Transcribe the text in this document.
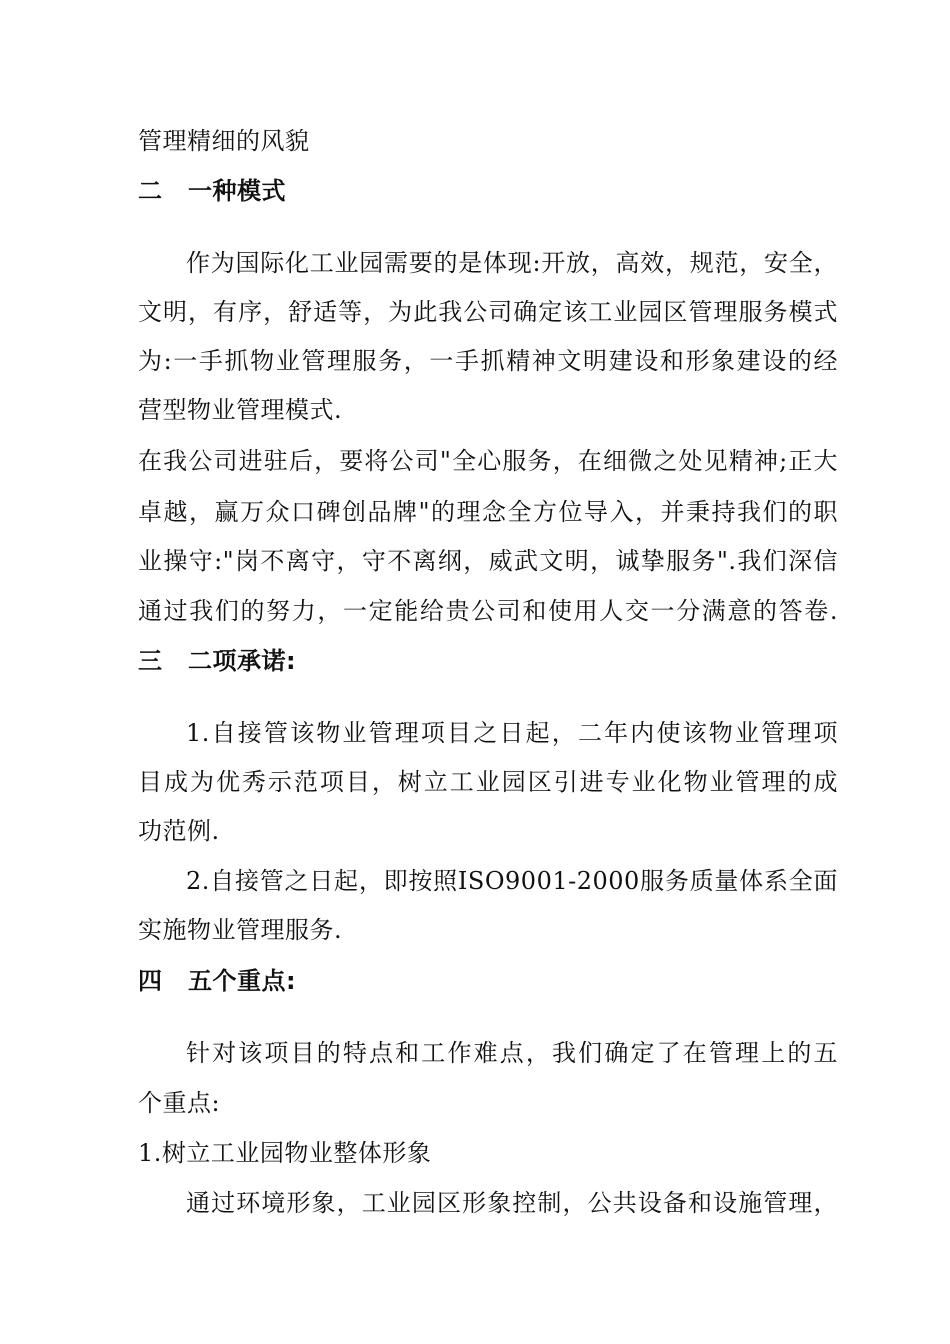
管理精细的风貌
二 一种模式
作为国际化工业园需要的是体现:开放，高效，规范，安全，
文明，有序，舒适等，为此我公司确定该工业园区管理服务模式
为:一手抓物业管理服务，一手抓精神文明建设和形象建设的经
营型物业管理模式.
在我公司进驻后，要将公司"全心服务，在细微之处见精神;正大
卓越，赢万众口碑创品牌"的理念全方位导入，并秉持我们的职
业操守:"岗不离守，守不离纲，威武文明，诚挚服务".我们深信
通过我们的努力，一定能给贵公司和使用人交一分满意的答卷.
三 二项承诺:
1.自接管该物业管理项目之日起，二年内使该物业管理项
目成为优秀示范项目，树立工业园区引进专业化物业管理的成
功范例.
2.自接管之日起，即按照ISO9001-2000服务质量体系全面
实施物业管理服务.
四 五个重点:
针对该项目的特点和工作难点，我们确定了在管理上的五
个重点:
1.树立工业园物业整体形象
通过环境形象，工业园区形象控制，公共设备和设施管理，
